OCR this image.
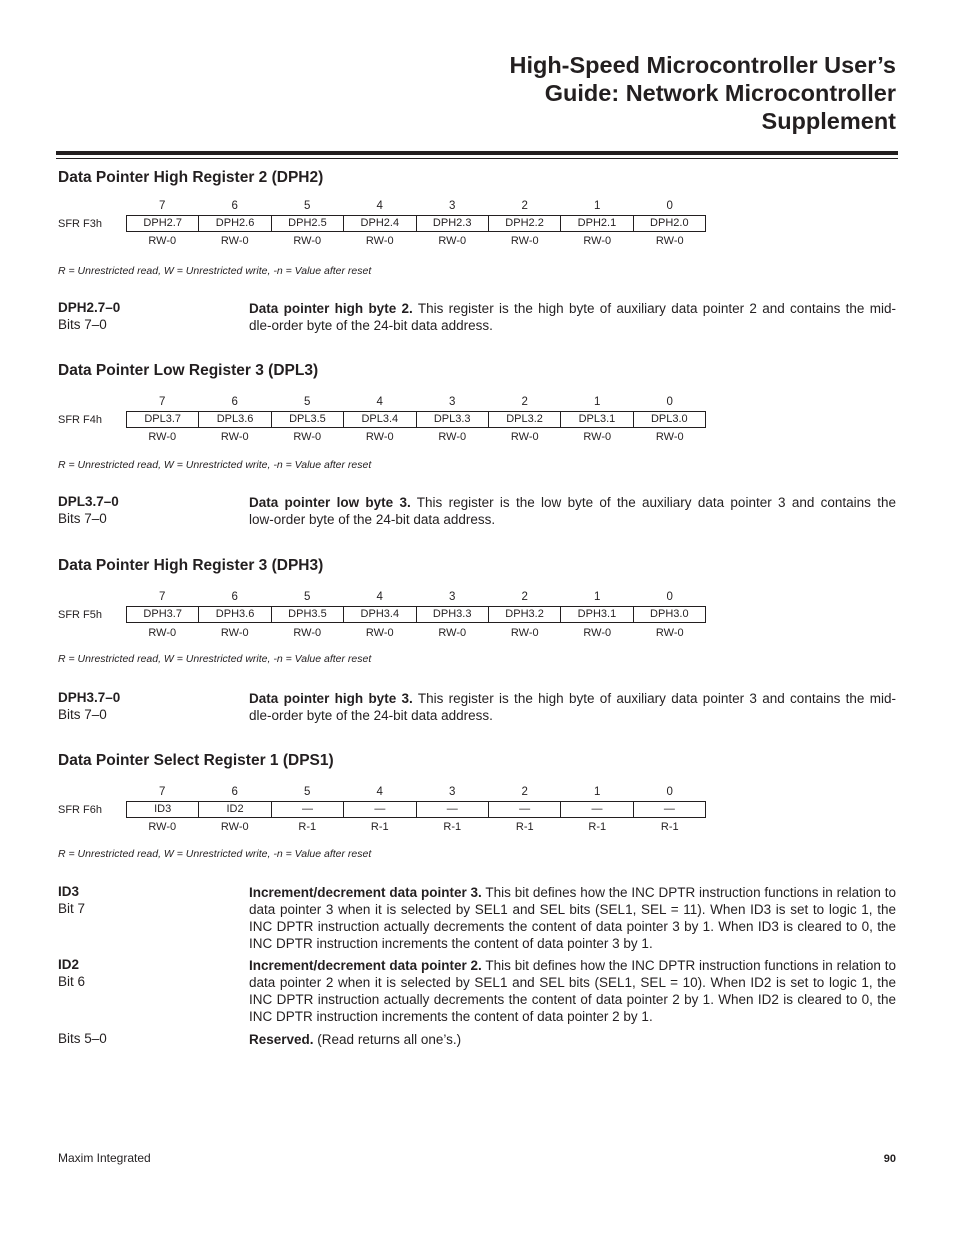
High-Speed Microcontroller User’s
Guide: Network Microcontroller
Supplement
Data Pointer High Register 2 (DPH2)
7	6	5	4	3	2	1	0
SFR F3h	DPH2.7	DPH2.6	DPH2.5	DPH2.4	DPH2.3	DPH2.2	DPH2.1	DPH2.0
RW-0	RW-0	RW-0	RW-0	RW-0	RW-0	RW-0	RW-0
R = Unrestricted read, W = Unrestricted write, -n = Value after reset
DPH2.7–0
Bits 7–0
Data pointer high byte 2. This register is the high byte of auxiliary data pointer 2 and contains the mid-
dle-order byte of the 24-bit data address.
Data Pointer Low Register 3 (DPL3)
7	6	5	4	3	2	1	0
SFR F4h	DPL3.7	DPL3.6	DPL3.5	DPL3.4	DPL3.3	DPL3.2	DPL3.1	DPL3.0
RW-0	RW-0	RW-0	RW-0	RW-0	RW-0	RW-0	RW-0
R = Unrestricted read, W = Unrestricted write, -n = Value after reset
DPL3.7–0
Bits 7–0
Data pointer low byte 3. This register is the low byte of the auxiliary data pointer 3 and contains the
low-order byte of the 24-bit data address.
Data Pointer High Register 3 (DPH3)
7	6	5	4	3	2	1	0
SFR F5h	DPH3.7	DPH3.6	DPH3.5	DPH3.4	DPH3.3	DPH3.2	DPH3.1	DPH3.0
RW-0	RW-0	RW-0	RW-0	RW-0	RW-0	RW-0	RW-0
R = Unrestricted read, W = Unrestricted write, -n = Value after reset
DPH3.7–0
Bits 7–0
Data pointer high byte 3. This register is the high byte of auxiliary data pointer 3 and contains the mid-
dle-order byte of the 24-bit data address.
Data Pointer Select Register 1 (DPS1)
7	6	5	4	3	2	1	0
SFR F6h	ID3	ID2	—	—	—	—	—	—
RW-0	RW-0	R-1	R-1	R-1	R-1	R-1	R-1
R = Unrestricted read, W = Unrestricted write, -n = Value after reset
ID3
Bit 7
Increment/decrement data pointer 3. This bit defines how the INC DPTR instruction functions in relation to data pointer 3 when it is selected by SEL1 and SEL bits (SEL1, SEL = 11). When ID3 is set to logic 1, the INC DPTR instruction actually decrements the content of data pointer 3 by 1. When ID3 is cleared to 0, the INC DPTR instruction increments the content of data pointer 3 by 1.
ID2
Bit 6
Increment/decrement data pointer 2. This bit defines how the INC DPTR instruction functions in relation to data pointer 2 when it is selected by SEL1 and SEL bits (SEL1, SEL = 10). When ID2 is set to logic 1, the INC DPTR instruction actually decrements the content of data pointer 2 by 1. When ID2 is cleared to 0, the INC DPTR instruction increments the content of data pointer 2 by 1.
Bits 5–0	Reserved. (Read returns all one’s.)
Maxim Integrated	90
